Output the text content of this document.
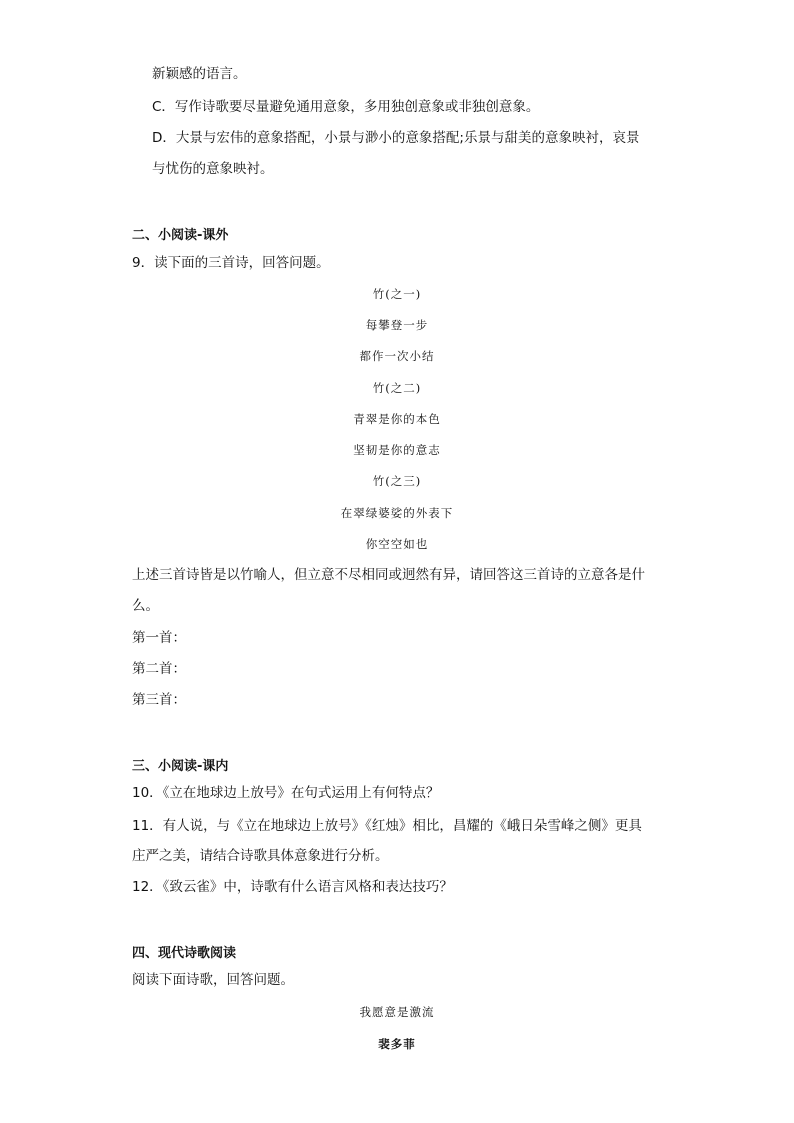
新颖感的语言。
C．写作诗歌要尽量避免通用意象，多用独创意象或非独创意象。
D．大景与宏伟的意象搭配，小景与渺小的意象搭配;乐景与甜美的意象映衬，哀景
与忧伤的意象映衬。
二、小阅读-课外
9．读下面的三首诗，回答问题。
竹(之一)
每攀登一步
都作一次小结
竹(之二)
青翠是你的本色
坚韧是你的意志
竹(之三)
在翠绿婆娑的外表下
你空空如也
上述三首诗皆是以竹喻人，但立意不尽相同或迥然有异，请回答这三首诗的立意各是什
么。
第一首：
第二首：
第三首：
三、小阅读-课内
10．《立在地球边上放号》在句式运用上有何特点？
11．有人说，与《立在地球边上放号》《红烛》相比，昌耀的《峨日朵雪峰之侧》更具
庄严之美，请结合诗歌具体意象进行分析。
12．《致云雀》中，诗歌有什么语言风格和表达技巧？
四、现代诗歌阅读
阅读下面诗歌，回答问题。
我愿意是激流
裴多菲
